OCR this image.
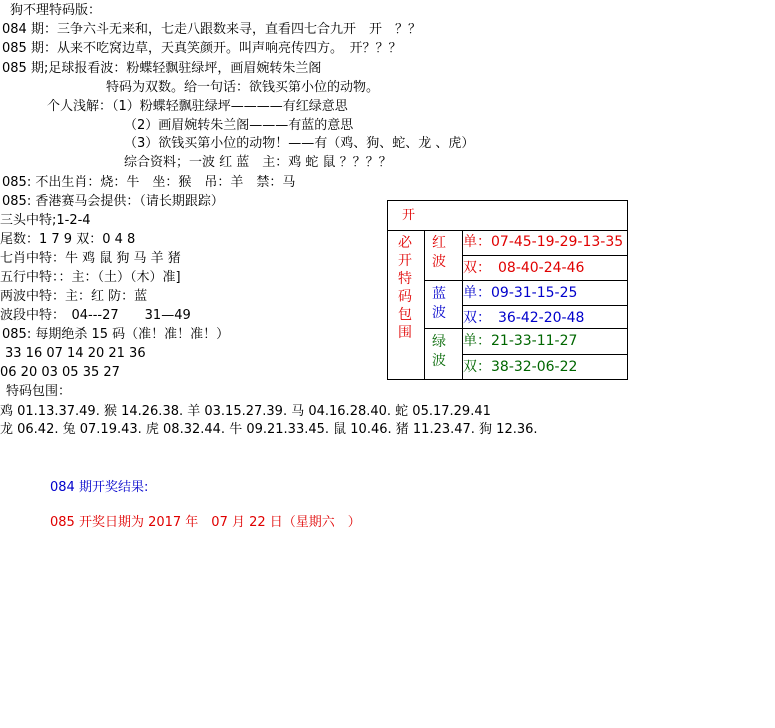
狗不理特码版：
084 期：三争六斗无来和，七走八跟数来寻，直看四七合九开　开　？？
085 期：从来不吃窝边草，天真笑颜开。叫声响亮传四方。　开？？？
085 期;足球报看波：粉蝶轻飘驻绿坪，画眉婉转朱兰阁
特码为双数。给一句话：欲钱买第小位的动物。
个人浅解：（1）粉蝶轻飘驻绿坪————有红绿意思
（2）画眉婉转朱兰阁———有蓝的意思
（3）欲钱买第小位的动物！——有（鸡、狗、蛇、龙 、虎）
综合资料；一波 红 蓝　主：鸡 蛇 鼠 ？？？？
085: 不出生肖：烧：牛　坐：猴　吊：羊　禁：马
085: 香港赛马会提供：（请长期跟踪）
三头中特;1-2-4
尾数：1 7 9 双：0 4 8
七肖中特：牛 鸡 鼠 狗 马 羊 猪
五行中特：：主：（土）（木）准]
两波中特：主：红 防：蓝
波段中特：　04---27　　31—49
085: 每期绝杀 15 码（准！准！准！）
33 16 07 14 20 21 36
06 20 03 05 35 27
特码包围：
鸡 01.13.37.49. 猴 14.26.38. 羊 03.15.27.39. 马 04.16.28.40. 蛇 05.17.29.41
龙 06.42. 兔 07.19.43. 虎 08.32.44. 牛 09.21.33.45. 鼠 10.46. 猪 11.23.47. 狗 12.36.
084 期开奖结果:
085 开奖日期为 2017 年　07 月 22 日（星期六　）
开
必开特码包围
红波
单：07-45-19-29-13-35
双：　08-40-24-46
蓝波
单：09-31-15-25
双：　36-42-20-48
绿波
单：21-33-11-27
双：38-32-06-22
